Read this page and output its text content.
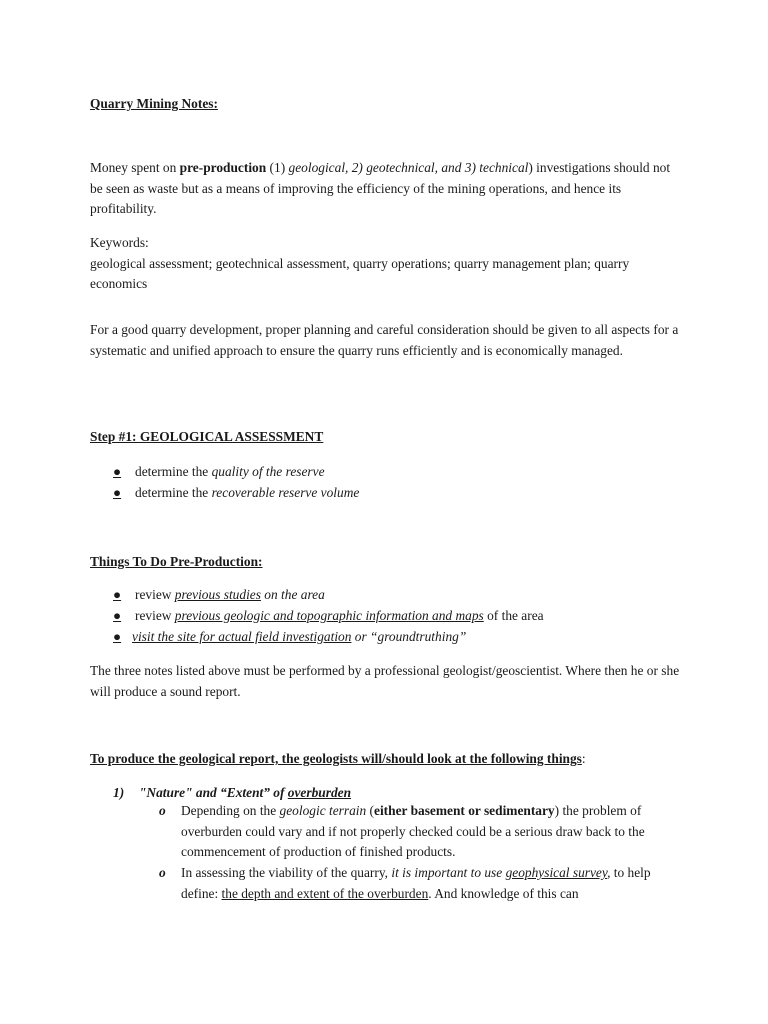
Quarry Mining Notes:
Money spent on pre-production (1) geological, 2) geotechnical, and 3) technical) investigations should not be seen as waste but as a means of improving the efficiency of the mining operations, and hence its profitability.
Keywords:
geological assessment; geotechnical assessment, quarry operations; quarry management plan; quarry economics
For a good quarry development, proper planning and careful consideration should be given to all aspects for a systematic and unified approach to ensure the quarry runs efficiently and is economically managed.
Step #1: GEOLOGICAL ASSESSMENT
● determine the quality of the reserve
● determine the recoverable reserve volume
Things To Do Pre-Production:
● review previous studies on the area
● review previous geologic and topographic information and maps of the area
● visit the site for actual field investigation or “groundtruthing”
The three notes listed above must be performed by a professional geologist/geoscientist. Where then he or she will produce a sound report.
To produce the geological report, the geologists will/should look at the following things:
1) "Nature" and “Extent” of overburden
o Depending on the geologic terrain (either basement or sedimentary) the problem of overburden could vary and if not properly checked could be a serious draw back to the commencement of production of finished products.
o In assessing the viability of the quarry, it is important to use geophysical survey, to help define: the depth and extent of the overburden. And knowledge of this can
